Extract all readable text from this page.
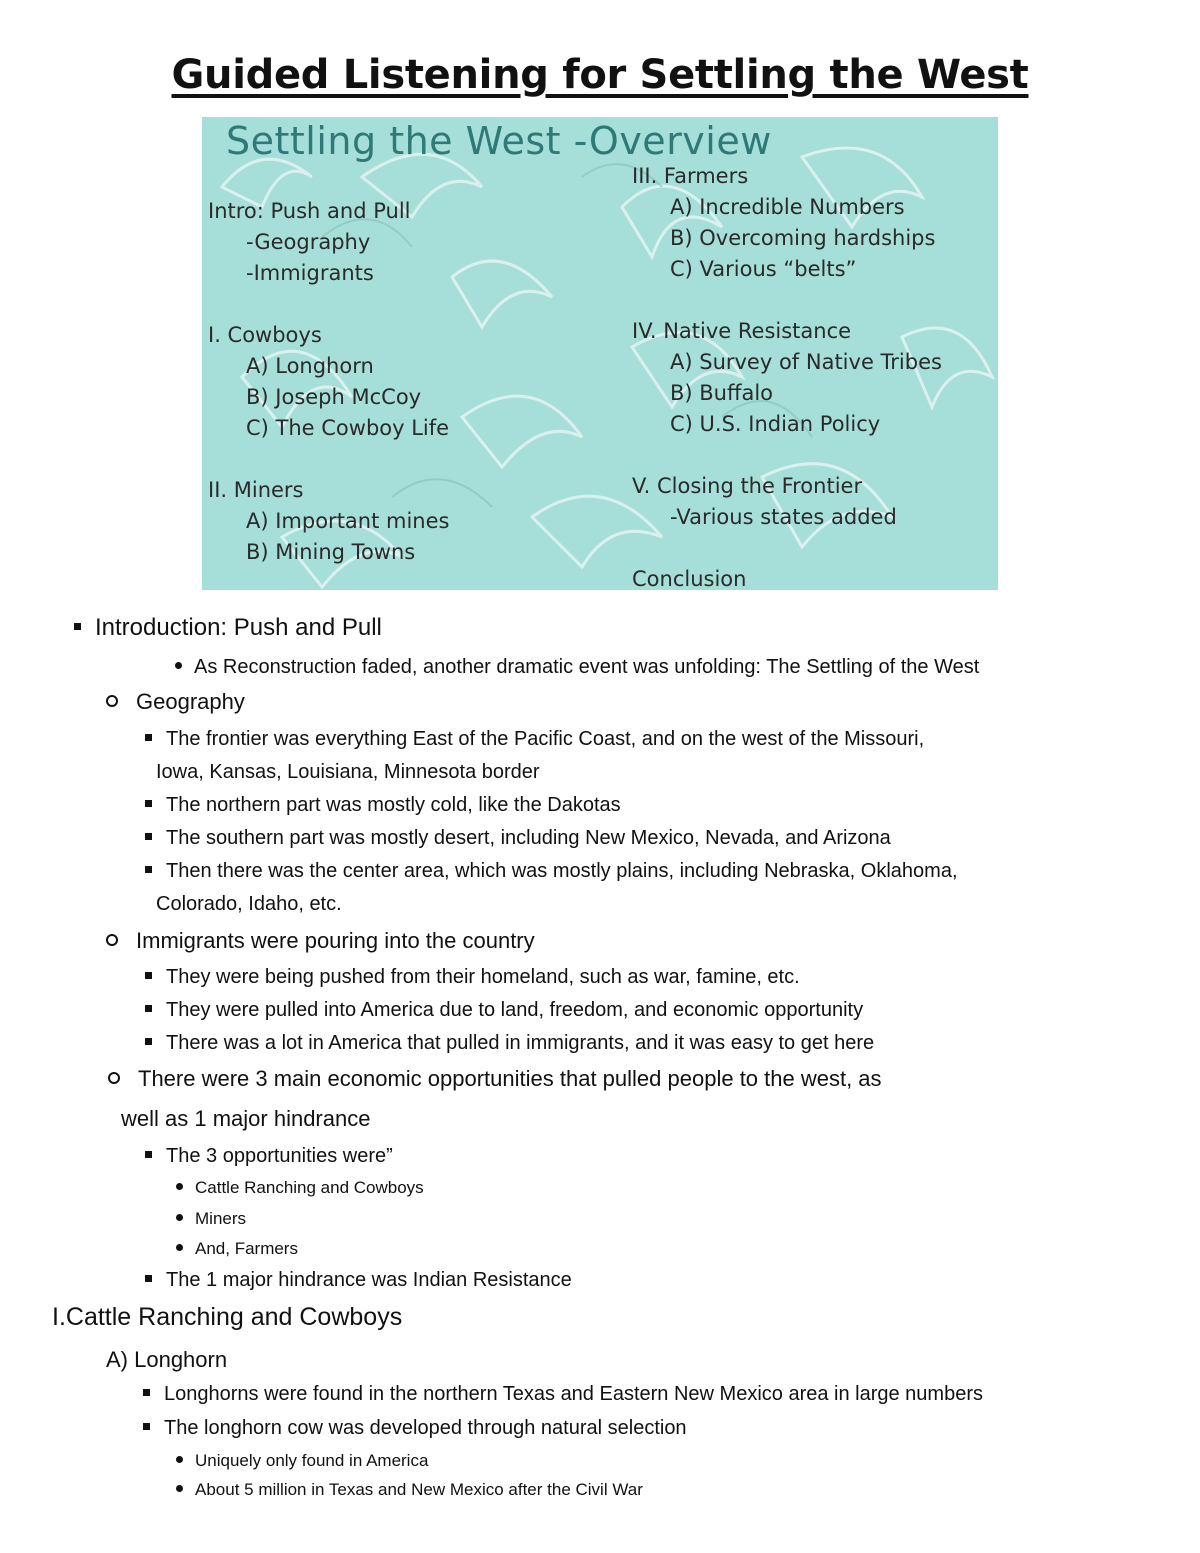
Guided Listening for Settling the West
Settling the West -Overview
Intro: Push and Pull
-Geography
-Immigrants
I. Cowboys
A) Longhorn
B) Joseph McCoy
C) The Cowboy Life
II. Miners
A) Important mines
B) Mining Towns
III. Farmers
A) Incredible Numbers
B) Overcoming hardships
C) Various “belts”
IV. Native Resistance
A) Survey of Native Tribes
B) Buffalo
C) U.S. Indian Policy
V. Closing the Frontier
-Various states added
Conclusion
Introduction: Push and Pull
As Reconstruction faded, another dramatic event was unfolding: The Settling of the West
Geography
The frontier was everything East of the Pacific Coast, and on the west of the Missouri,
Iowa, Kansas, Louisiana, Minnesota border
The northern part was mostly cold, like the Dakotas
The southern part was mostly desert, including New Mexico, Nevada, and Arizona
Then there was the center area, which was mostly plains, including Nebraska, Oklahoma,
Colorado, Idaho, etc.
Immigrants were pouring into the country
They were being pushed from their homeland, such as war, famine, etc.
They were pulled into America due to land, freedom, and economic opportunity
There was a lot in America that pulled in immigrants, and it was easy to get here
There were 3 main economic opportunities that pulled people to the west, as
well as 1 major hindrance
The 3 opportunities were”
Cattle Ranching and Cowboys
Miners
And, Farmers
The 1 major hindrance was Indian Resistance
I.Cattle Ranching and Cowboys
A) Longhorn
Longhorns were found in the northern Texas and Eastern New Mexico area in large numbers
The longhorn cow was developed through natural selection
Uniquely only found in America
About 5 million in Texas and New Mexico after the Civil War
